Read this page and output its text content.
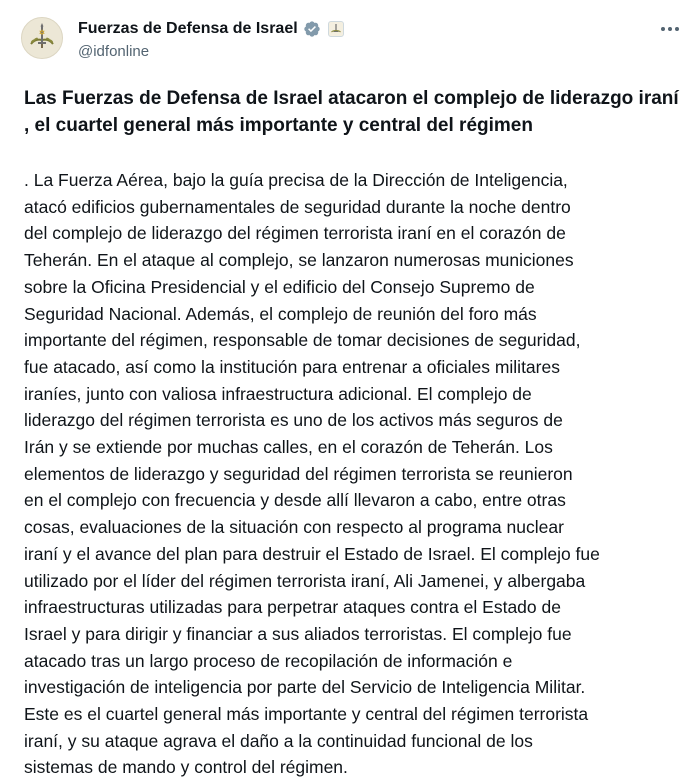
Fuerzas de Defensa de Israel
@idfonline
Las Fuerzas de Defensa de Israel atacaron el complejo de liderazgo iraní , el cuartel general más importante y central del régimen
. La Fuerza Aérea, bajo la guía precisa de la Dirección de Inteligencia,
atacó edificios gubernamentales de seguridad durante la noche dentro
del complejo de liderazgo del régimen terrorista iraní en el corazón de
Teherán. En el ataque al complejo, se lanzaron numerosas municiones
sobre la Oficina Presidencial y el edificio del Consejo Supremo de
Seguridad Nacional. Además, el complejo de reunión del foro más
importante del régimen, responsable de tomar decisiones de seguridad,
fue atacado, así como la institución para entrenar a oficiales militares
iraníes, junto con valiosa infraestructura adicional. El complejo de
liderazgo del régimen terrorista es uno de los activos más seguros de
Irán y se extiende por muchas calles, en el corazón de Teherán. Los
elementos de liderazgo y seguridad del régimen terrorista se reunieron
en el complejo con frecuencia y desde allí llevaron a cabo, entre otras
cosas, evaluaciones de la situación con respecto al programa nuclear
iraní y el avance del plan para destruir el Estado de Israel. El complejo fue
utilizado por el líder del régimen terrorista iraní, Ali Jamenei, y albergaba
infraestructuras utilizadas para perpetrar ataques contra el Estado de
Israel y para dirigir y financiar a sus aliados terroristas. El complejo fue
atacado tras un largo proceso de recopilación de información e
investigación de inteligencia por parte del Servicio de Inteligencia Militar.
Este es el cuartel general más importante y central del régimen terrorista
iraní, y su ataque agrava el daño a la continuidad funcional de los
sistemas de mando y control del régimen.
